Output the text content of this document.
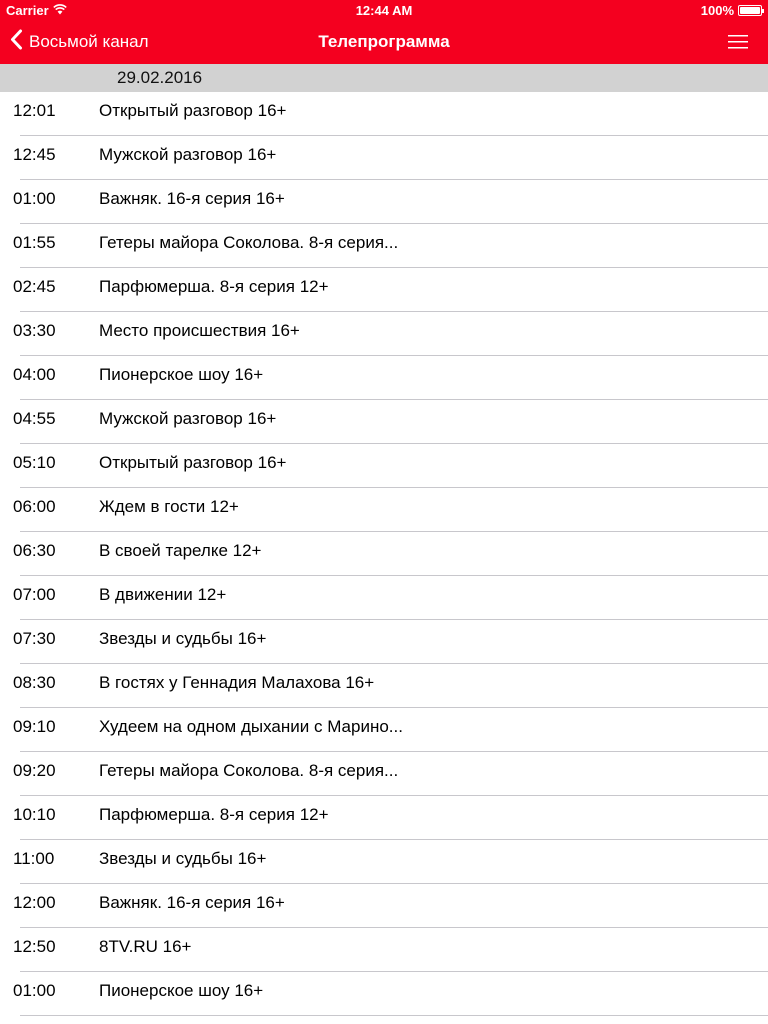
Carrier	12:44 AM	100%
Телепрограмма
Восьмой канал
29.02.2016
12:01	Открытый разговор 16+
12:45	Мужской разговор 16+
01:00	Важняк. 16-я серия 16+
01:55	Гетеры майора Соколова. 8-я серия...
02:45	Парфюмерша. 8-я серия 12+
03:30	Место происшествия 16+
04:00	Пионерское шоу 16+
04:55	Мужской разговор 16+
05:10	Открытый разговор 16+
06:00	Ждем в гости 12+
06:30	В своей тарелке 12+
07:00	В движении 12+
07:30	Звезды и судьбы 16+
08:30	В гостях у Геннадия Малахова 16+
09:10	Худеем на одном дыхании с Марино...
09:20	Гетеры майора Соколова. 8-я серия...
10:10	Парфюмерша. 8-я серия 12+
11:00	Звезды и судьбы 16+
12:00	Важняк. 16-я серия 16+
12:50	8TV.RU 16+
01:00	Пионерское шоу 16+
